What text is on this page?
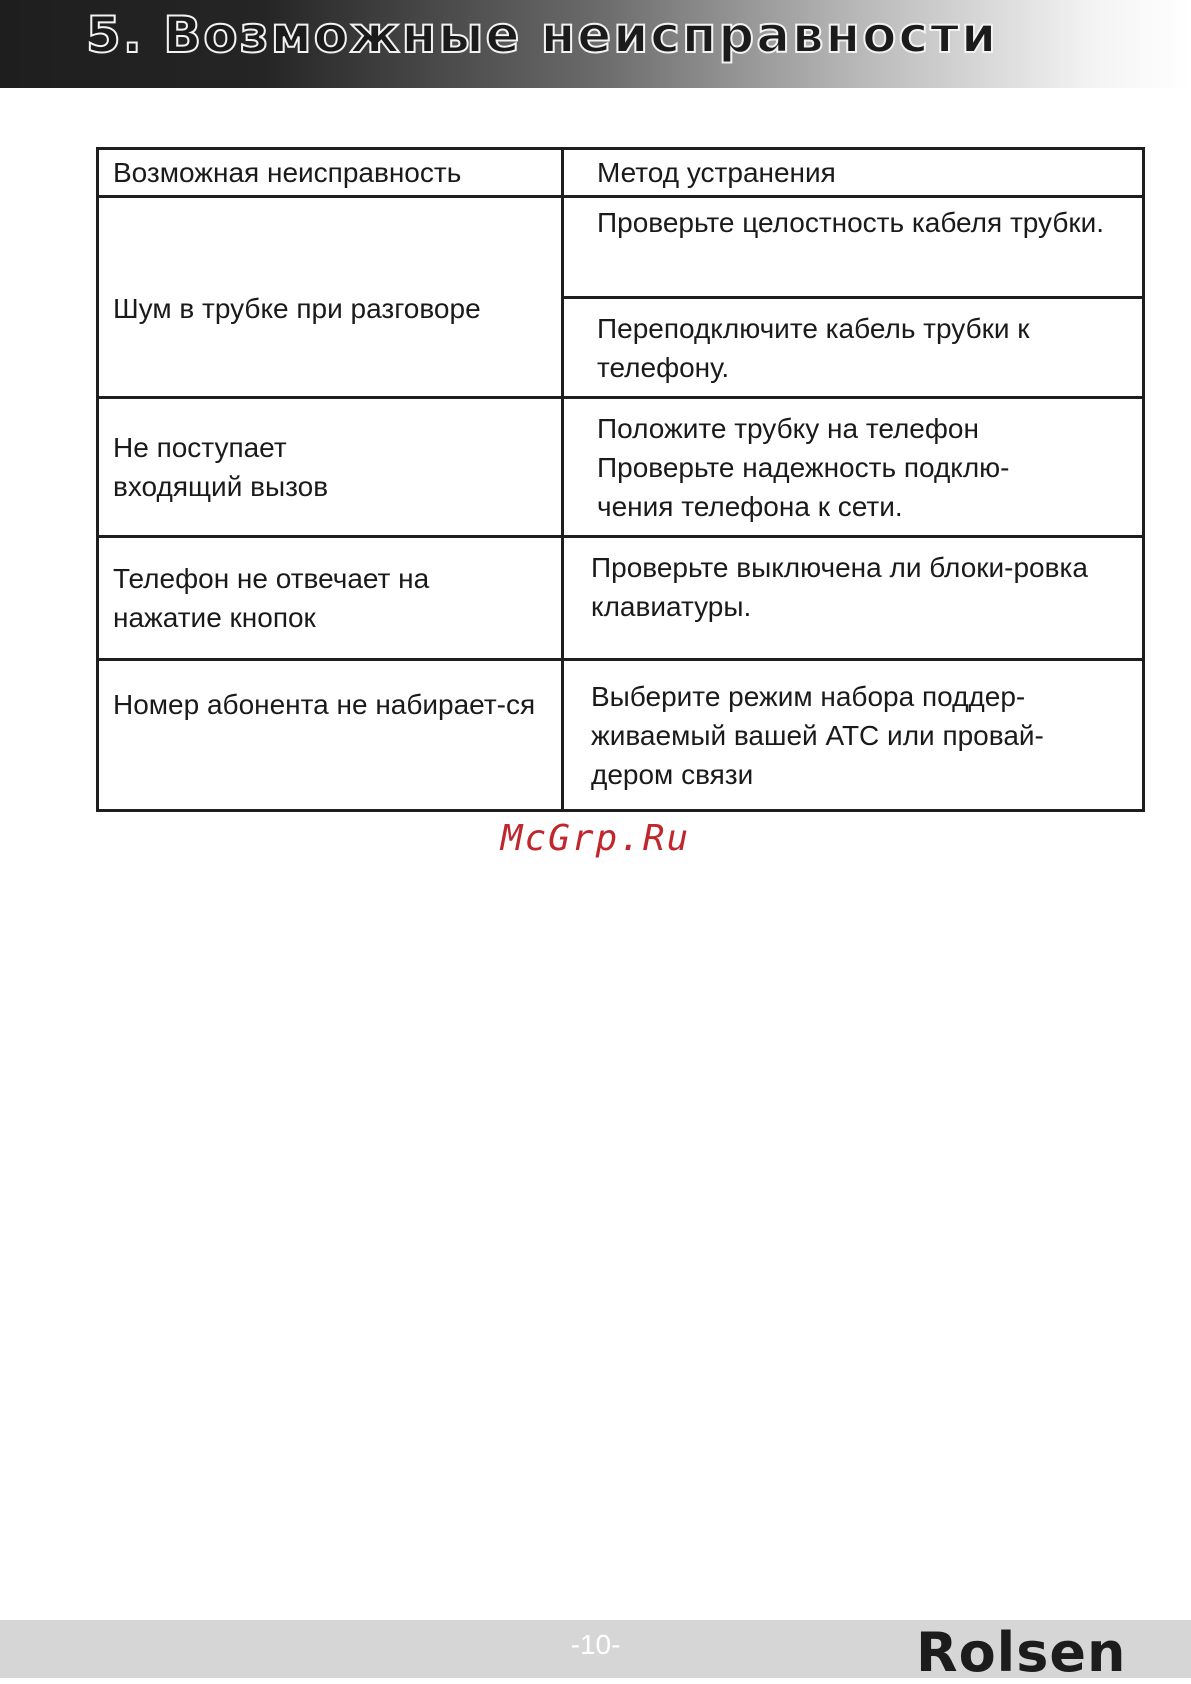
5. Возможные неисправности
Возможная неисправность	Метод устранения
Шум в трубке при разговоре	Проверьте целостность кабеля трубки.
	Переподключите кабель трубки к телефону.
Не поступает входящий вызов	Положите трубку на телефон Проверьте надежность подклю-чения телефона к сети.
Телефон не отвечает на нажатие кнопок	Проверьте выключена ли блоки-ровка клавиатуры.
Номер абонента не набирает-ся	Выберите режим набора поддер-живаемый вашей АТС или провай-дером связи
McGrp.Ru
-10-	Rolsen
